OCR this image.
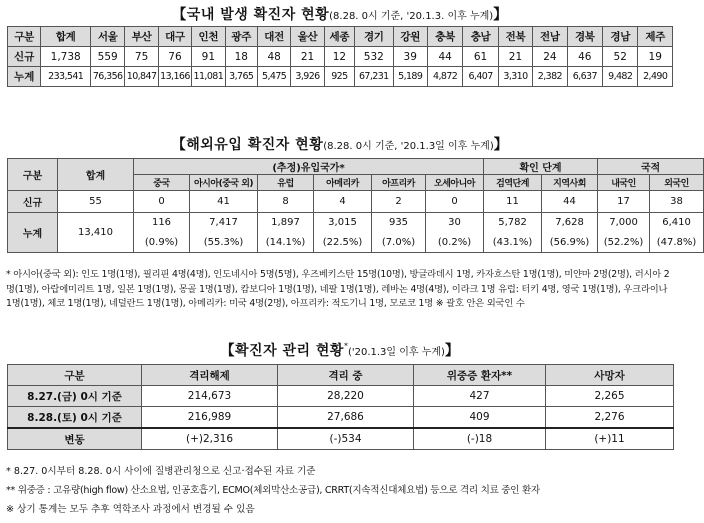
【국내 발생 확진자 현황(8.28. 0시 기준, '20.1.3. 이후 누계)】
구분	합계	서울	부산	대구	인천	광주	대전	울산	세종	경기	강원	충북	충남	전북	전남	경북	경남	제주
신규	1,738	559	75	76	91	18	48	21	12	532	39	44	61	21	24	46	52	19
누계	233,541	76,356	10,847	13,166	11,081	3,765	5,475	3,926	925	67,231	5,189	4,872	6,407	3,310	2,382	6,637	9,482	2,490
【해외유입 확진자 현황(8.28. 0시 기준, '20.1.3일 이후 누계)】
구분	합계	(추정)유입국가*						확인 단계		국적	
		중국	아시아(중국 외)	유럽	아메리카	아프리카	오세아니아	검역단계	지역사회	내국인	외국인
신규	55	0	41	8	4	2	0	11	44	17	38
누계	13,410	116	7,417	1,897	3,015	935	30	5,782	7,628	7,000	6,410
		(0.9%)	(55.3%)	(14.1%)	(22.5%)	(7.0%)	(0.2%)	(43.1%)	(56.9%)	(52.2%)	(47.8%)
* 아시아(중국 외): 인도 1명(1명), 필리핀 4명(4명), 인도네시아 5명(5명), 우즈베키스탄 15명(10명), 방글라데시 1명, 카자흐스탄 1명(1명), 미얀마 2명(2명), 러시아 2명(1명), 아랍에미리트 1명, 일본 1명(1명), 몽골 1명(1명), 캄보디아 1명(1명), 네팔 1명(1명), 레바논 4명(4명), 이라크 1명 유럽: 터키 4명, 영국 1명(1명), 우크라이나 1명(1명), 체코 1명(1명), 네덜란드 1명(1명), 아메리카: 미국 4명(2명), 아프리카: 적도기니 1명, 모로코 1명 ※ 괄호 안은 외국인 수
【확진자 관리 현황*('20.1.3일 이후 누계)】
구분	격리해제	격리 중	위중증 환자**	사망자
8.27.(금) 0시 기준	214,673	28,220	427	2,265
8.28.(토) 0시 기준	216,989	27,686	409	2,276
변동	(+)2,316	(-)534	(-)18	(+)11
* 8.27. 0시부터 8.28. 0시 사이에 질병관리청으로 신고·접수된 자료 기준
** 위중증 : 고유량(high flow) 산소요법, 인공호흡기, ECMO(체외막산소공급), CRRT(지속적신대체요법) 등으로 격리 치료 중인 환자
※ 상기 통계는 모두 추후 역학조사 과정에서 변경될 수 있음
